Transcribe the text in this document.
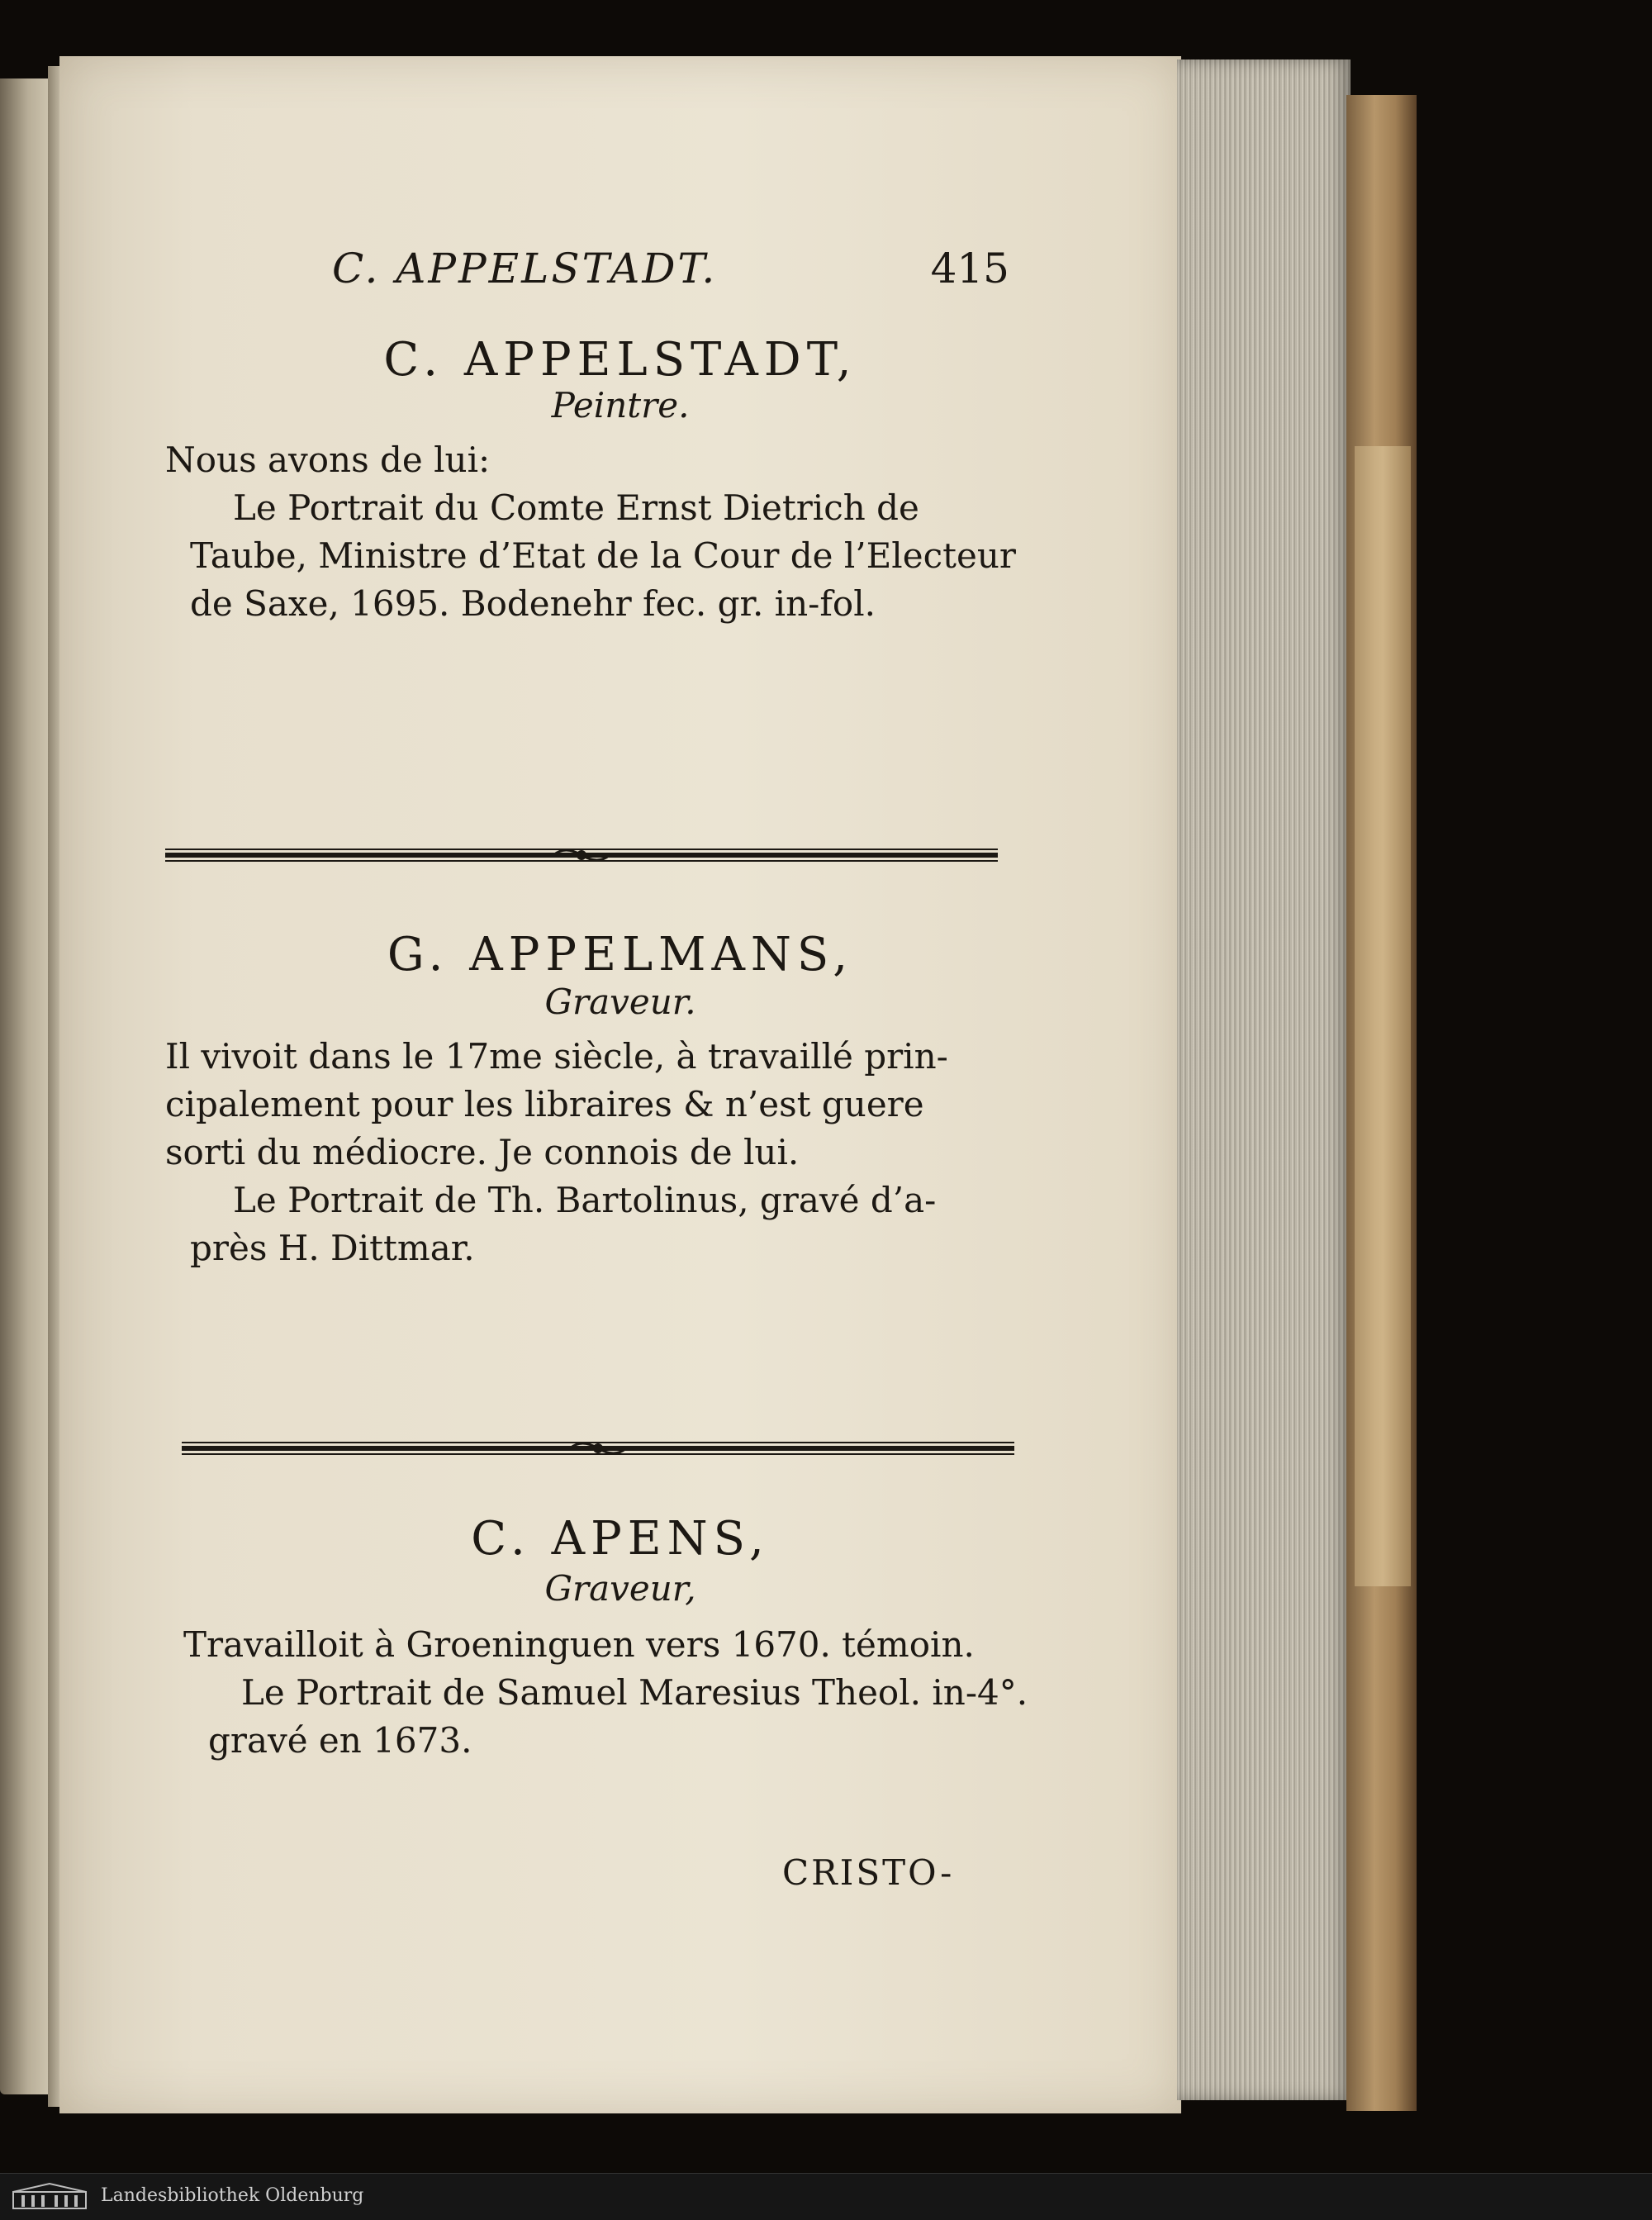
C. APPELSTADT.	415
C. APPELSTADT,
Peintre.
Nous avons de lui:
Le Portrait du Comte Ernst Dietrich de
Taube, Ministre d’Etat de la Cour de l’Electeur
de Saxe, 1695. Bodenehr fec. gr. in-fol.
G. APPELMANS,
Graveur.
Il vivoit dans le 17me siècle, à travaillé prin-
cipalement pour les libraires & n’est guere
sorti du médiocre. Je connois de lui.
Le Portrait de Th. Bartolinus, gravé d’a-
près H. Dittmar.
C. APENS,
Graveur,
Travailloit à Groeninguen vers 1670. témoin.
Le Portrait de Samuel Maresius Theol. in-4°.
gravé en 1673.
CRISTO-
Landesbibliothek Oldenburg
